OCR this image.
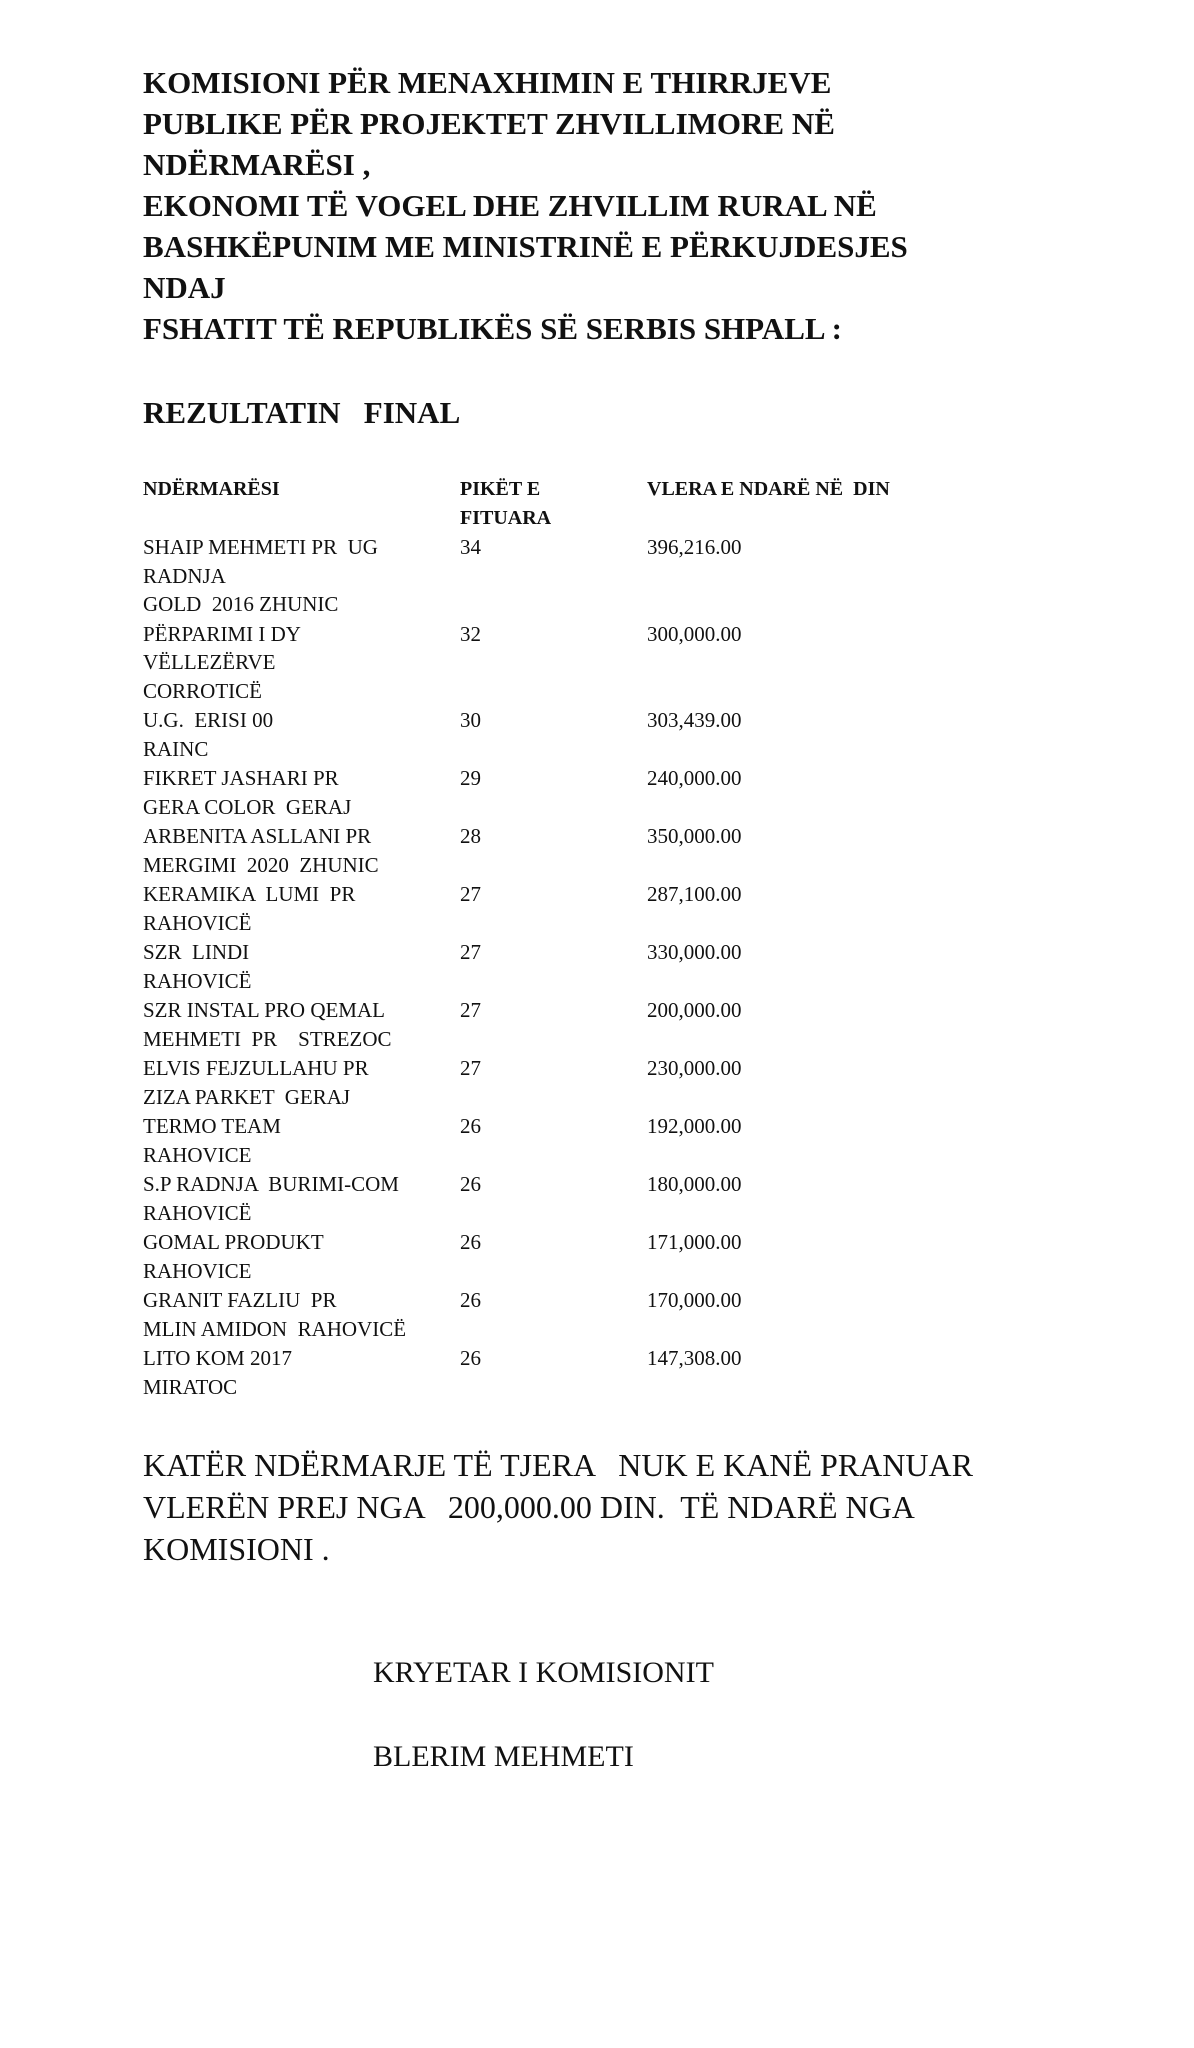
KOMISIONI PËR MENAXHIMIN E THIRRJEVE
PUBLIKE PËR PROJEKTET ZHVILLIMORE NË
NDËRMARËSI ,
EKONOMI TË VOGEL DHE ZHVILLIM RURAL NË
BASHKËPUNIM ME MINISTRINË E PËRKUJDESJES
NDAJ
FSHATIT TË REPUBLIKËS SË SERBIS SHPALL :
REZULTATIN   FINAL
NDËRMARËSI	PIKËT E
FITUARA
VLERA E NDARË NË  DIN
SHAIP MEHMETI PR  UG
RADNJA
GOLD  2016 ZHUNIC
34	396,216.00
PËRPARIMI I DY
VËLLEZËRVE
CORROTICË
32	300,000.00
U.G.  ERISI 00
RAINC
30	303,439.00
FIKRET JASHARI PR
GERA COLOR  GERAJ
29	240,000.00
ARBENITA ASLLANI PR
MERGIMI  2020  ZHUNIC
28	350,000.00
KERAMIKA  LUMI  PR
RAHOVICË
27	287,100.00
SZR  LINDI
RAHOVICË
27	330,000.00
SZR INSTAL PRO QEMAL
MEHMETI  PR    STREZOC
27	200,000.00
ELVIS FEJZULLAHU PR
ZIZA PARKET  GERAJ
27	230,000.00
TERMO TEAM
RAHOVICE
26	192,000.00
S.P RADNJA  BURIMI-COM
RAHOVICË
26	180,000.00
GOMAL PRODUKT
RAHOVICE
26	171,000.00
GRANIT FAZLIU  PR
MLIN AMIDON  RAHOVICË
26	170,000.00
LITO KOM 2017
MIRATOC
26	147,308.00
KATËR NDËRMARJE TË TJERA   NUK E KANË PRANUAR
VLERËN PREJ NGA   200,000.00 DIN.  TË NDARË NGA
KOMISIONI .
KRYETAR I KOMISIONIT
BLERIM MEHMETI
